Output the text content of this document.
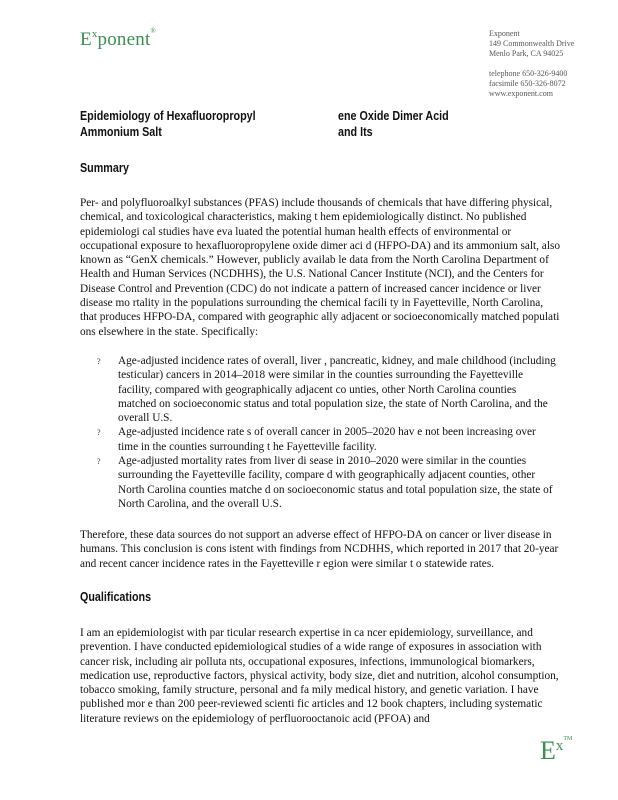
$E^xponent®$	Exponent
149 Commonwealth Drive
Menlo Park, CA 94025
telephone 650-326-9400
facsimile 650-326-8072
www.exponent.com
Epidemiology of Hexafluoropropyl	ene Oxide Dimer Acid and Its
Ammonium Salt
Summary
Per- and polyfluoroalkyl substances (PFAS) include thousands of chemicals that have differing physical, chemical, and toxicological characteristics, making t hem epidemiologically distinct. No published epidemiologi cal studies have eva luated the potential human health effects of environmental or occupational exposure to hexafluoropropylene oxide dimer aci d (HFPO-DA) and its ammonium salt, also known as “GenX chemicals.” However, publicly availab le data from the North Carolina Department of Health and Human Services (NCDHHS), the U.S. National Cancer Institute (NCI), and the Centers for Disease Control and Prevention (CDC) do not indicate a pattern of increased cancer incidence or liver disease mo rtality in the populations surrounding the chemical facili ty in Fayetteville, North Carolina, that produces HFPO-DA, compared with geographic ally adjacent or socioeconomically matched populati ons elsewhere in the state. Specifically:
? Age-adjusted incidence rates of overall, liver , pancreatic, kidney, and male childhood (including testicular) cancers in 2014–2018 were similar in the counties surrounding the Fayetteville facility, compared with geographically adjacent co unties, other North Carolina counties matched on socioeconomic status and total population size, the state of North Carolina, and the overall U.S.
? Age-adjusted incidence rate s of overall cancer in 2005–2020 hav e not been increasing over time in the counties surrounding t he Fayetteville facility.
? Age-adjusted mortality rates from liver di sease in 2010–2020 were similar in the counties surrounding the Fayetteville facility, compare d with geographically adjacent counties, other North Carolina counties matche d on socioeconomic status and total population size, the state of North Carolina, and the overall U.S.
Therefore, these data sources do not support an adverse effect of HFPO-DA on cancer or liver disease in humans. This conclusion is cons istent with findings from NCDHHS, which reported in 2017 that 20-year and recent cancer incidence rates in the Fayetteville r egion were similar t o statewide rates.
Qualifications
I am an epidemiologist with par ticular research expertise in ca ncer epidemiology, surveillance, and prevention. I have conducted epidemiological studies of a wide range of exposures in association with cancer risk, including air polluta nts, occupational exposures, infections, immunological biomarkers, medication use, reproductive factors, physical activity, body size, diet and nutrition, alcohol consumption, tobacco smoking, family structure, personal and fa mily medical history, and genetic variation. I have published mor e than 200 peer-reviewed scienti fic articles and 12 book chapters, including systematic literature reviews on the epidemiology of perfluorooctanoic acid (PFOA) and
$E^{xTM}$
